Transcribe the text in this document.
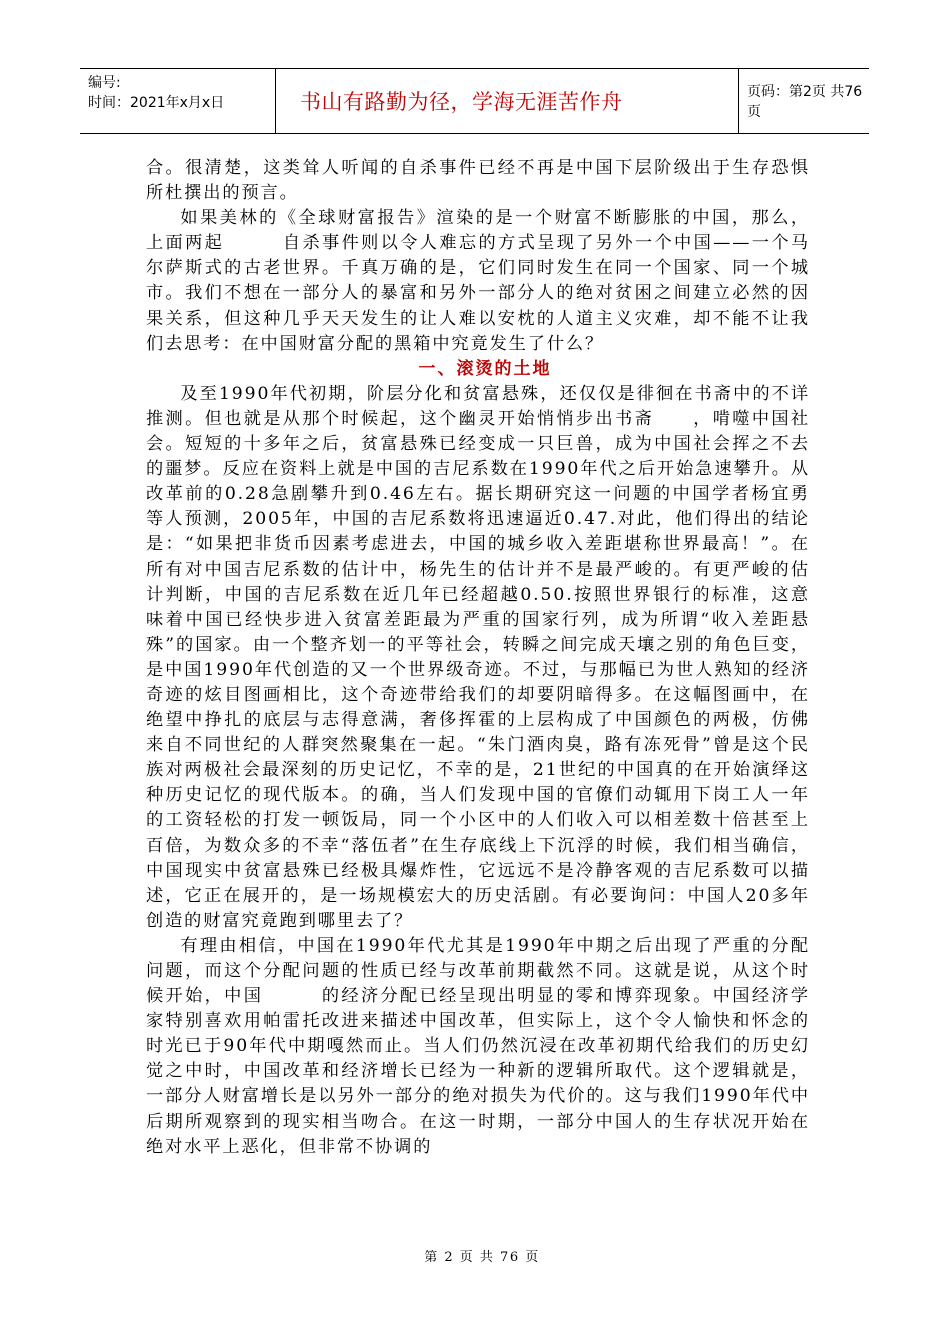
编号:
时间：2021年x月x日	书山有路勤为径，学海无涯苦作舟	页码：第2页 共76页

合。很清楚，这类耸人听闻的自杀事件已经不再是中国下层阶级出于生存恐惧所杜撰出的预言。

如果美林的《全球财富报告》渲染的是一个财富不断膨胀的中国，那么，上面两起　　　自杀事件则以令人难忘的方式呈现了另外一个中国——一个马尔萨斯式的古老世界。千真万确的是，它们同时发生在同一个国家、同一个城市。我们不想在一部分人的暴富和另外一部分人的绝对贫困之间建立必然的因果关系，但这种几乎天天发生的让人难以安枕的人道主义灾难，却不能不让我们去思考：在中国财富分配的黑箱中究竟发生了什么？

一、滚烫的土地

及至1990年代初期，阶层分化和贫富悬殊，还仅仅是徘徊在书斋中的不详推测。但也就是从那个时候起，这个幽灵开始悄悄步出书斋　　，啃噬中国社会。短短的十多年之后，贫富悬殊已经变成一只巨兽，成为中国社会挥之不去的噩梦。反应在资料上就是中国的吉尼系数在1990年代之后开始急速攀升。从改革前的0.28急剧攀升到0.46左右。据长期研究这一问题的中国学者杨宜勇等人预测，2005年，中国的吉尼系数将迅速逼近0.47.对此，他们得出的结论是：“如果把非货币因素考虑进去，中国的城乡收入差距堪称世界最高！”。在所有对中国吉尼系数的估计中，杨先生的估计并不是最严峻的。有更严峻的估计判断，中国的吉尼系数在近几年已经超越0.50.按照世界银行的标准，这意味着中国已经快步进入贫富差距最为严重的国家行列，成为所谓“收入差距悬殊”的国家。由一个整齐划一的平等社会，转瞬之间完成天壤之别的角色巨变，是中国1990年代创造的又一个世界级奇迹。不过，与那幅已为世人熟知的经济奇迹的炫目图画相比，这个奇迹带给我们的却要阴暗得多。在这幅图画中，在绝望中挣扎的底层与志得意满，奢侈挥霍的上层构成了中国颜色的两极，仿佛来自不同世纪的人群突然聚集在一起。“朱门酒肉臭，路有冻死骨”曾是这个民族对两极社会最深刻的历史记忆，不幸的是，21世纪的中国真的在开始演绎这种历史记忆的现代版本。的确，当人们发现中国的官僚们动辄用下岗工人一年的工资轻松的打发一顿饭局，同一个小区中的人们收入可以相差数十倍甚至上百倍，为数众多的不幸“落伍者”在生存底线上下沉浮的时候，我们相当确信，中国现实中贫富悬殊已经极具爆炸性，它远远不是冷静客观的吉尼系数可以描述，它正在展开的，是一场规模宏大的历史活剧。有必要询问：中国人20多年创造的财富究竟跑到哪里去了？

有理由相信，中国在1990年代尤其是1990年中期之后出现了严重的分配问题，而这个分配问题的性质已经与改革前期截然不同。这就是说，从这个时候开始，中国　　　的经济分配已经呈现出明显的零和博弈现象。中国经济学家特别喜欢用帕雷托改进来描述中国改革，但实际上，这个令人愉快和怀念的时光已于90年代中期嘎然而止。当人们仍然沉浸在改革初期代给我们的历史幻觉之中时，中国改革和经济增长已经为一种新的逻辑所取代。这个逻辑就是，一部分人财富增长是以另外一部分的绝对损失为代价的。这与我们1990年代中后期所观察到的现实相当吻合。在这一时期，一部分中国人的生存状况开始在绝对水平上恶化，但非常不协调的

第 2 页 共 76 页
